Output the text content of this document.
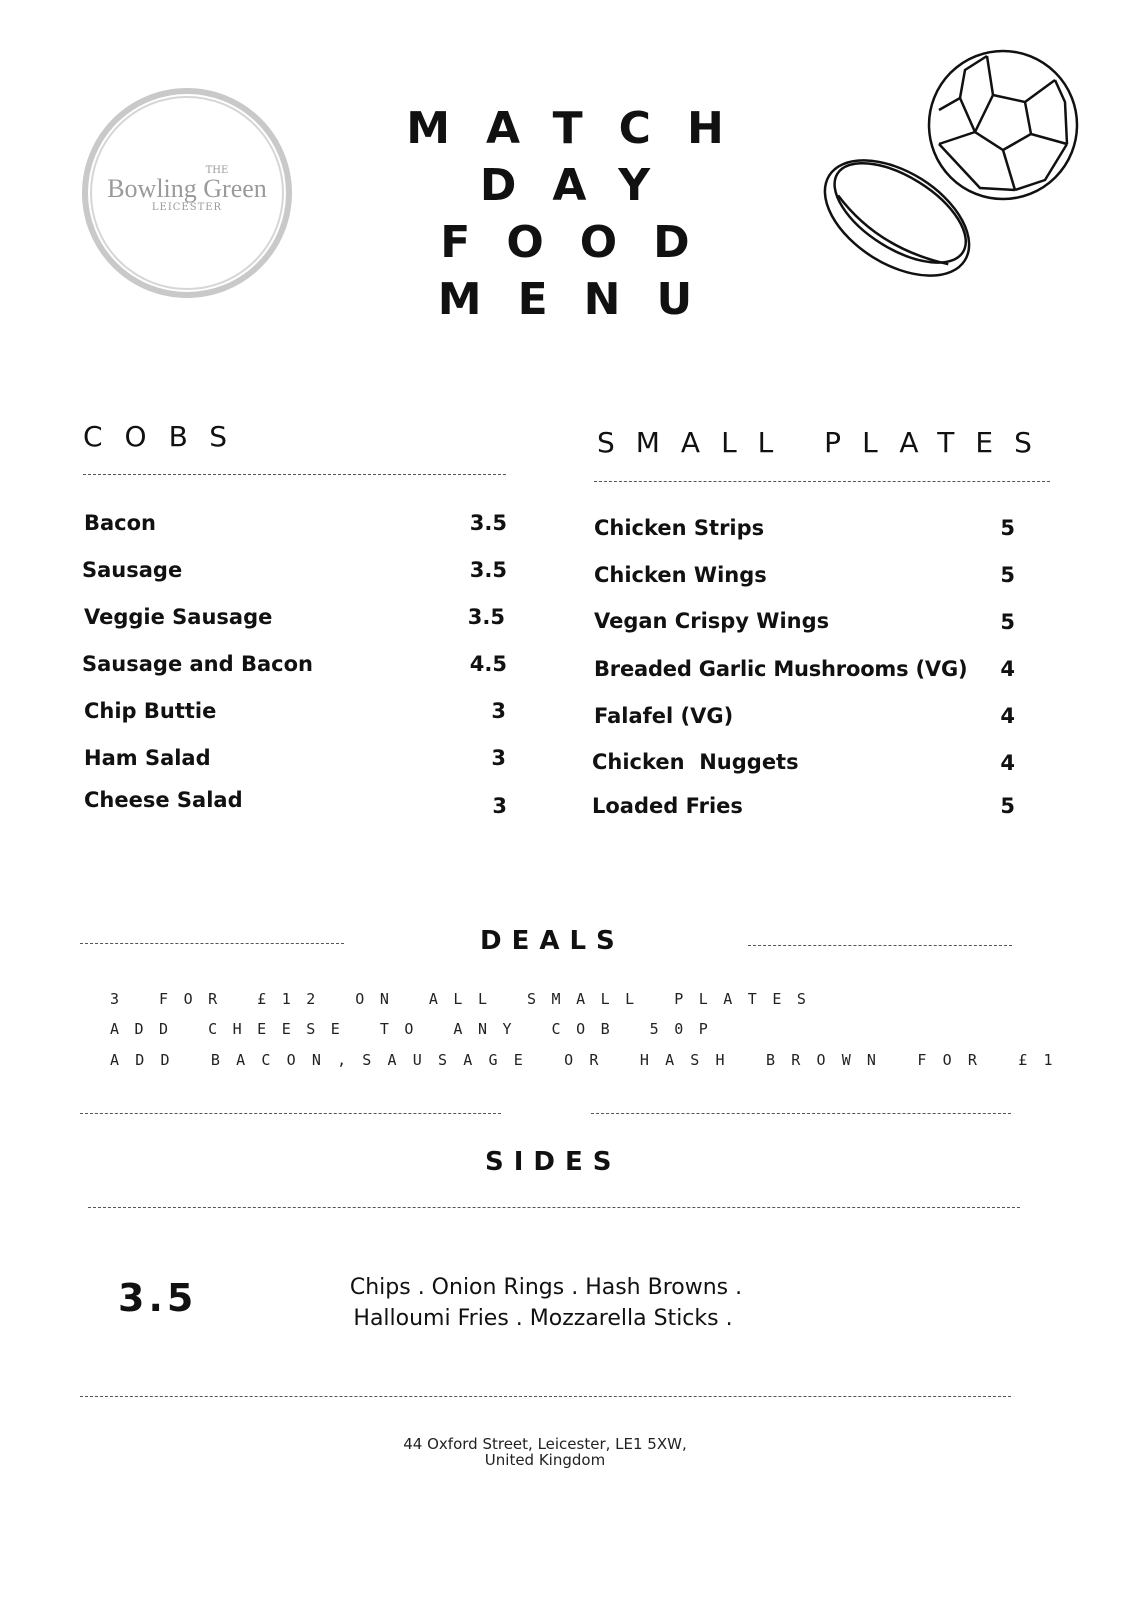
THE
Bowling Green
LEICESTER
MATCH
DAY
FOOD
MENU
COBS
Bacon	3.5
Sausage	3.5
Veggie Sausage	3.5
Sausage and Bacon	4.5
Chip Buttie	3
Ham Salad	3
Cheese Salad	3
SMALL PLATES
Chicken Strips	5
Chicken Wings	5
Vegan Crispy Wings	5
Breaded Garlic Mushrooms (VG)	4
Falafel (VG)	4
Chicken  Nuggets	4
Loaded Fries	5
DEALS
3 FOR £12 ON ALL SMALL PLATES
ADD CHEESE TO ANY COB 50P
ADD BACON,SAUSAGE OR HASH BROWN FOR £1
SIDES
3.5	Chips . Onion Rings . Hash Browns .
Halloumi Fries . Mozzarella Sticks .
44 Oxford Street, Leicester, LE1 5XW,
United Kingdom
